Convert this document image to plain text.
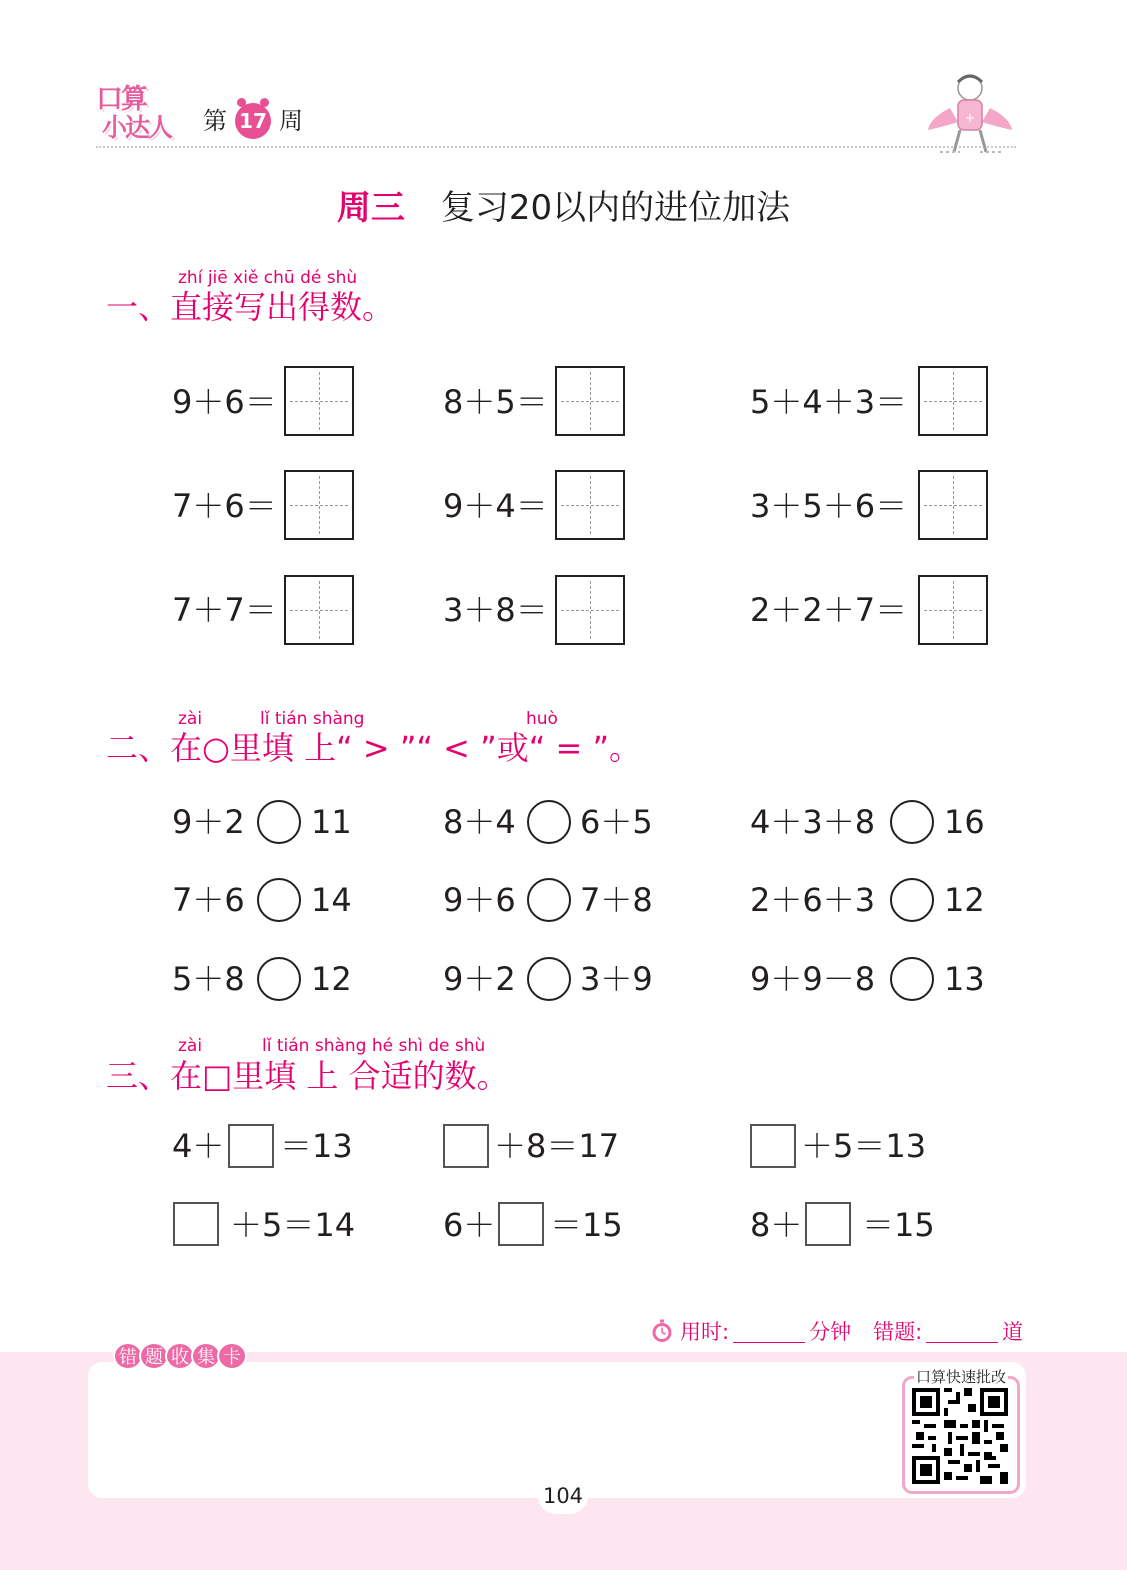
口算
小达人	第 17 周	+
周三 复习20以内的进位加法
zhí jiē xiě chū dé shù
一、直接写出得数。
9＋6＝	8＋5＝	5＋4＋3＝
7＋6＝	9＋4＝	3＋5＋6＝
7＋7＝	3＋8＝	2＋2＋7＝
zài	lǐ tián shàng	huò
二、在○里填 上“ > ”“ < ”或“ = ”。
9＋2 11	8＋4 6＋5	4＋3＋8 16
7＋6 14	9＋6 7＋8	2＋6＋3 12
5＋8 12	9＋2 3＋9	9＋9－8 13
zài	lǐ tián shàng hé shì de shù
三、在□里填 上 合适的数。
4＋ ＝13	＋8＝17	＋5＝13
＋5＝14	6＋ ＝15	8＋ ＝15
用时:	分钟 错题:	道
错 题 收 集 卡
口算快速批改
104
